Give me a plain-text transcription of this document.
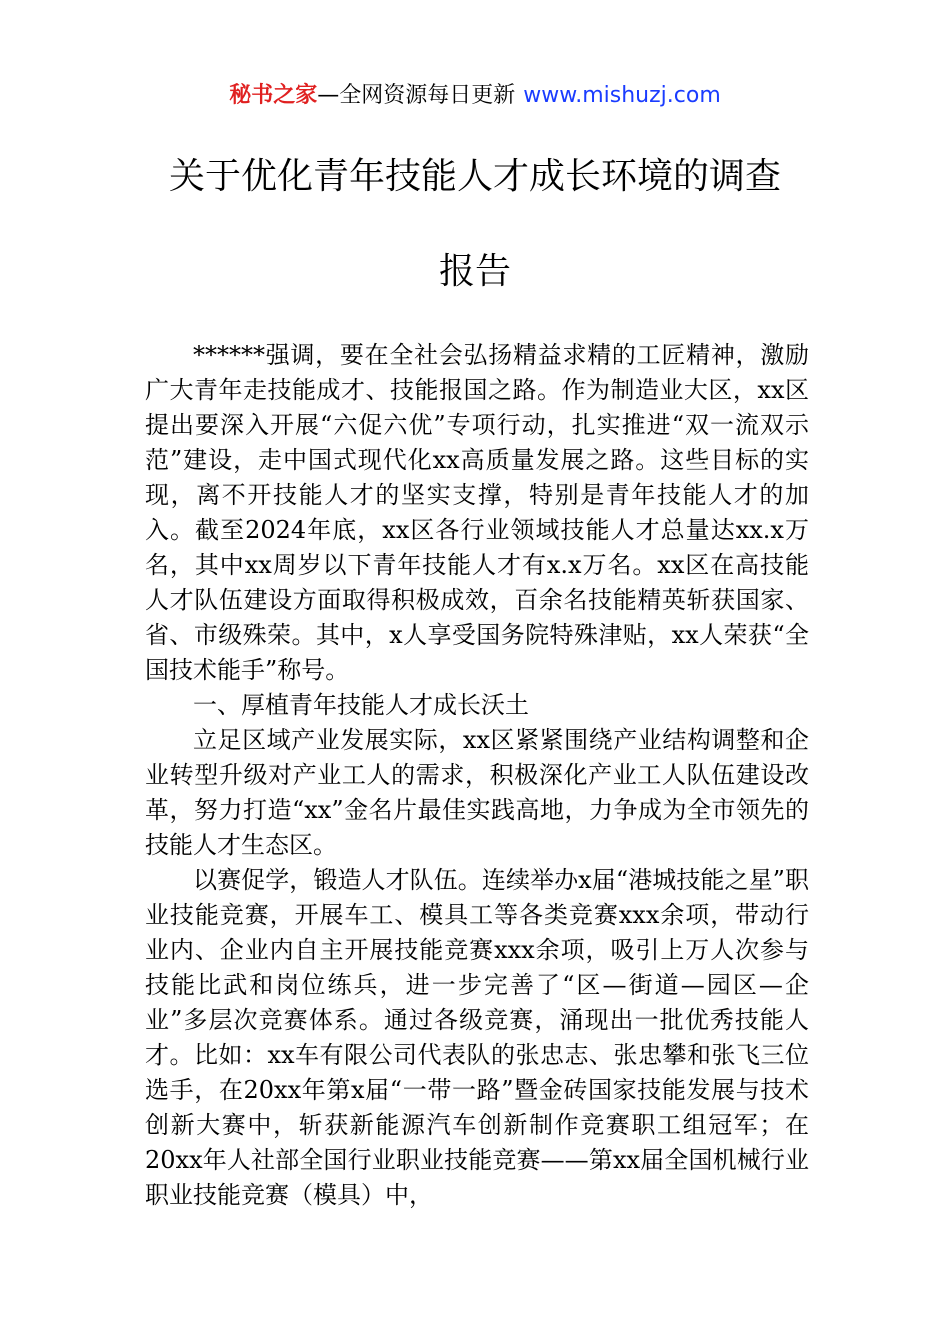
秘书之家—全网资源每日更新 www.mishuzj.com
关于优化青年技能人才成长环境的调查
报告

******强调，要在全社会弘扬精益求精的工匠精神，激励广大青年走技能成才、技能报国之路。作为制造业大区，xx区提出要深入开展“六促六优”专项行动，扎实推进“双一流双示范”建设，走中国式现代化xx高质量发展之路。这些目标的实现，离不开技能人才的坚实支撑，特别是青年技能人才的加入。截至2024年底，xx区各行业领域技能人才总量达xx.x万名，其中xx周岁以下青年技能人才有x.x万名。xx区在高技能人才队伍建设方面取得积极成效，百余名技能精英斩获国家、省、市级殊荣。其中，x人享受国务院特殊津贴，xx人荣获“全国技术能手”称号。

一、厚植青年技能人才成长沃土

立足区域产业发展实际，xx区紧紧围绕产业结构调整和企业转型升级对产业工人的需求，积极深化产业工人队伍建设改革，努力打造“xx”金名片最佳实践高地，力争成为全市领先的技能人才生态区。

以赛促学，锻造人才队伍。连续举办x届“港城技能之星”职业技能竞赛，开展车工、模具工等各类竞赛xxx余项，带动行业内、企业内自主开展技能竞赛xxx余项，吸引上万人次参与技能比武和岗位练兵，进一步完善了“区—街道—园区—企业”多层次竞赛体系。通过各级竞赛，涌现出一批优秀技能人才。比如：xx车有限公司代表队的张忠志、张忠攀和张飞三位选手，在20xx年第x届“一带一路”暨金砖国家技能发展与技术创新大赛中，斩获新能源汽车创新制作竞赛职工组冠军；在20xx年人社部全国行业职业技能竞赛——第xx届全国机械行业职业技能竞赛（模具）中，
